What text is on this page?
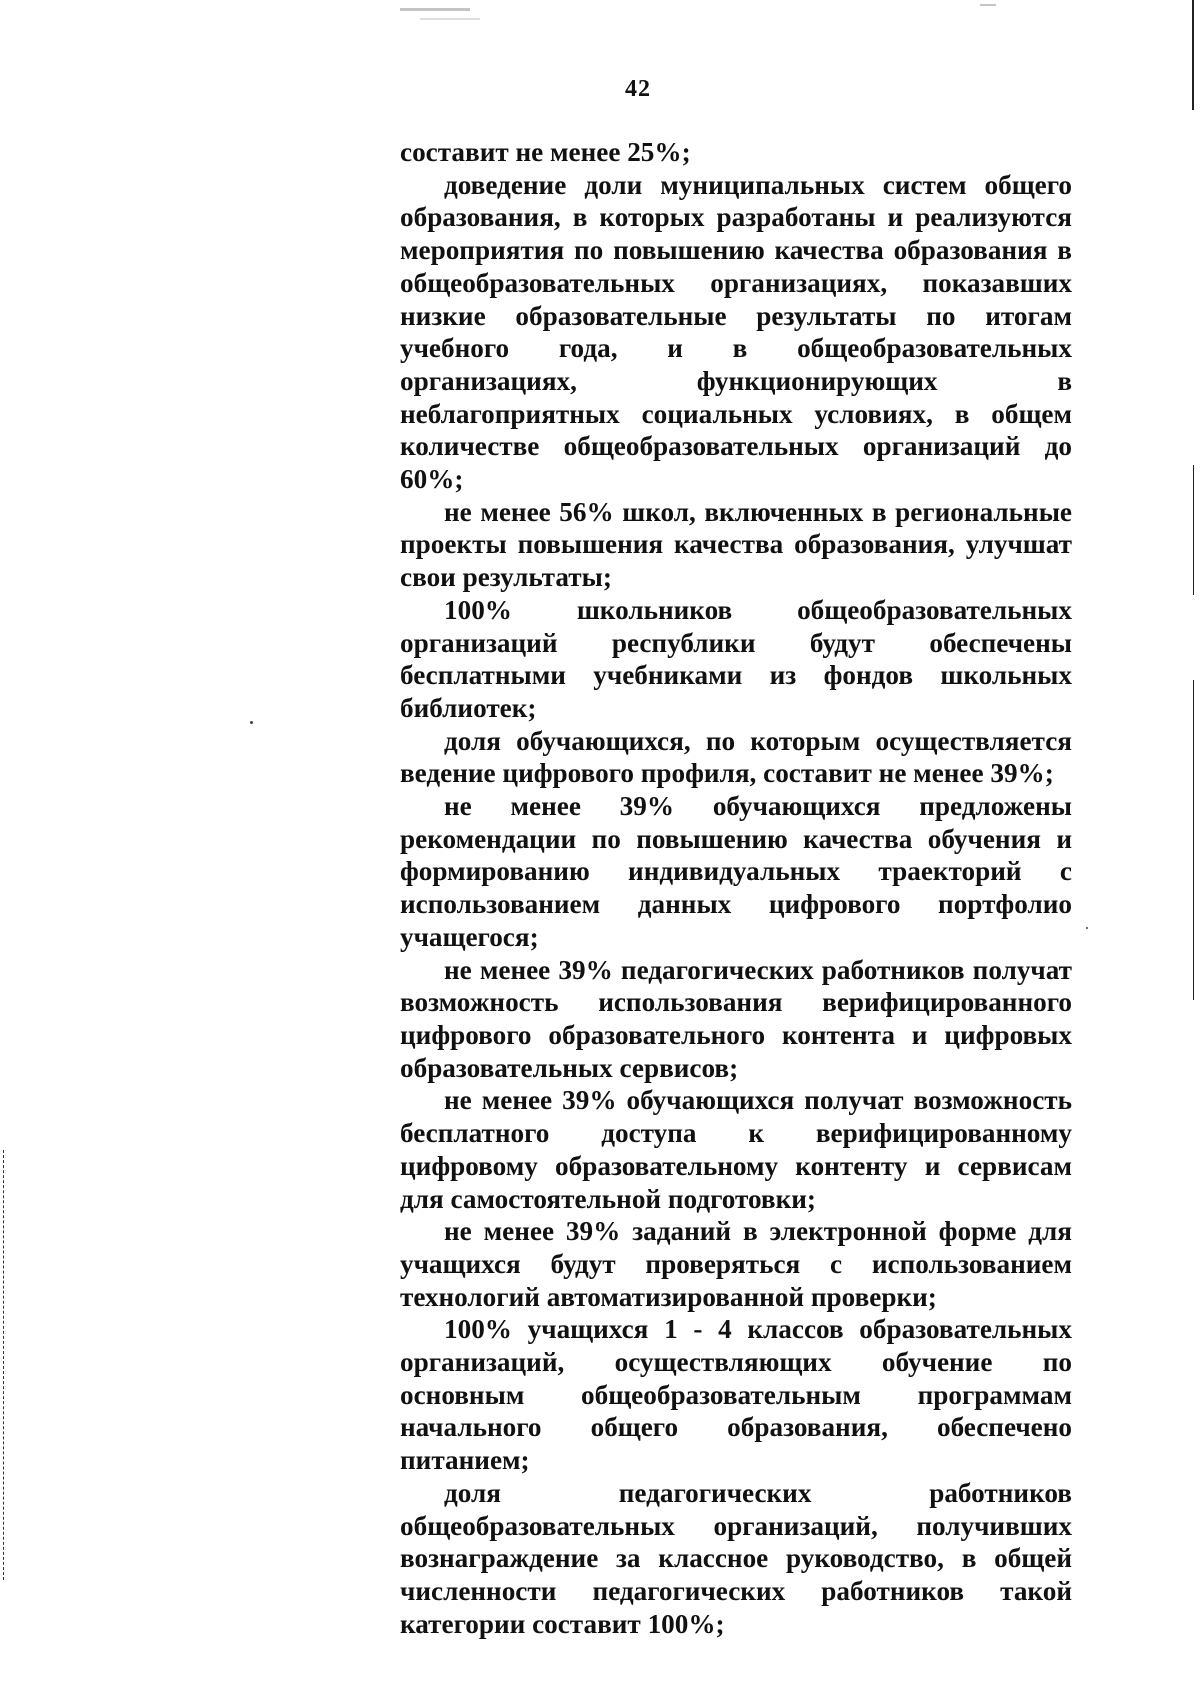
42

составит не менее 25%;

доведение доли муниципальных систем общего образования, в которых разработаны и реализуются мероприятия по повышению качества образования в общеобразовательных организациях, показавших низкие образовательные результаты по итогам учебного года, и в общеобразовательных организациях, функционирующих в неблагоприятных социальных условиях, в общем количестве общеобразовательных организаций до 60%;

не менее 56% школ, включенных в региональные проекты повышения качества образования, улучшат свои результаты;

100% школьников общеобразовательных организаций республики будут обеспечены бесплатными учебниками из фондов школьных библиотек;

доля обучающихся, по которым осуществляется ведение цифрового профиля, составит не менее 39%;

не менее 39% обучающихся предложены рекомендации по повышению качества обучения и формированию индивидуальных траекторий с использованием данных цифрового портфолио учащегося;

не менее 39% педагогических работников получат возможность использования верифицированного цифрового образовательного контента и цифровых образовательных сервисов;

не менее 39% обучающихся получат возможность бесплатного доступа к верифицированному цифровому образовательному контенту и сервисам для самостоятельной подготовки;

не менее 39% заданий в электронной форме для учащихся будут проверяться с использованием технологий автоматизированной проверки;

100% учащихся 1 - 4 классов образовательных организаций, осуществляющих обучение по основным общеобразовательным программам начального общего образования, обеспечено питанием;

доля педагогических работников общеобразовательных организаций, получивших вознаграждение за классное руководство, в общей численности педагогических работников такой категории составит 100%;
